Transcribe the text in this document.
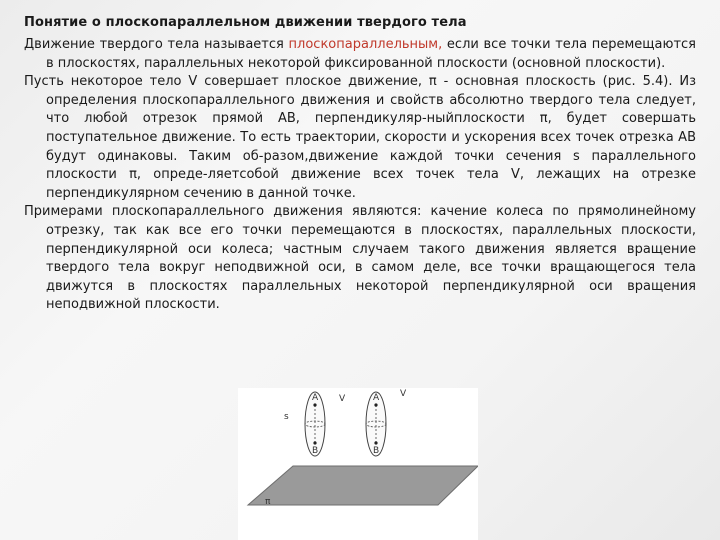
Понятие о плоскопараллельном движении твердого тела

Движение твердого тела называется плоскопараллельным, если все точки тела перемещаются в плоскостях, параллельных некоторой фиксированной плоскости (основной плоскости).

Пусть некоторое тело V совершает плоское движение, π - основная плоскость (рис. 5.4). Из определения плоскопараллельного движения и свойств абсолютно твердого тела следует, что любой отрезок прямой АВ, перпендикуляр-ныйплоскости π, будет совершать поступательное движение. То есть траектории, скорости и ускорения всех точек отрезка АВ будут одинаковы. Таким об-разом,движение каждой точки сечения s параллельного плоскости π, опреде-ляетсобой движение всех точек тела V, лежащих на отрезке перпендикулярном сечению в данной точке.

Примерами плоскопараллельного движения являются: качение колеса по прямолинейному отрезку, так как все его точки перемещаются в плоскостях, параллельных плоскости, перпендикулярной оси колеса; частным случаем такого движения является вращение твердого тела вокруг неподвижной оси, в самом деле, все точки вращающегося тела движутся в плоскостях параллельных некоторой перпендикулярной оси вращения неподвижной плоскости.

s
A
B
V	A
B
V
π
